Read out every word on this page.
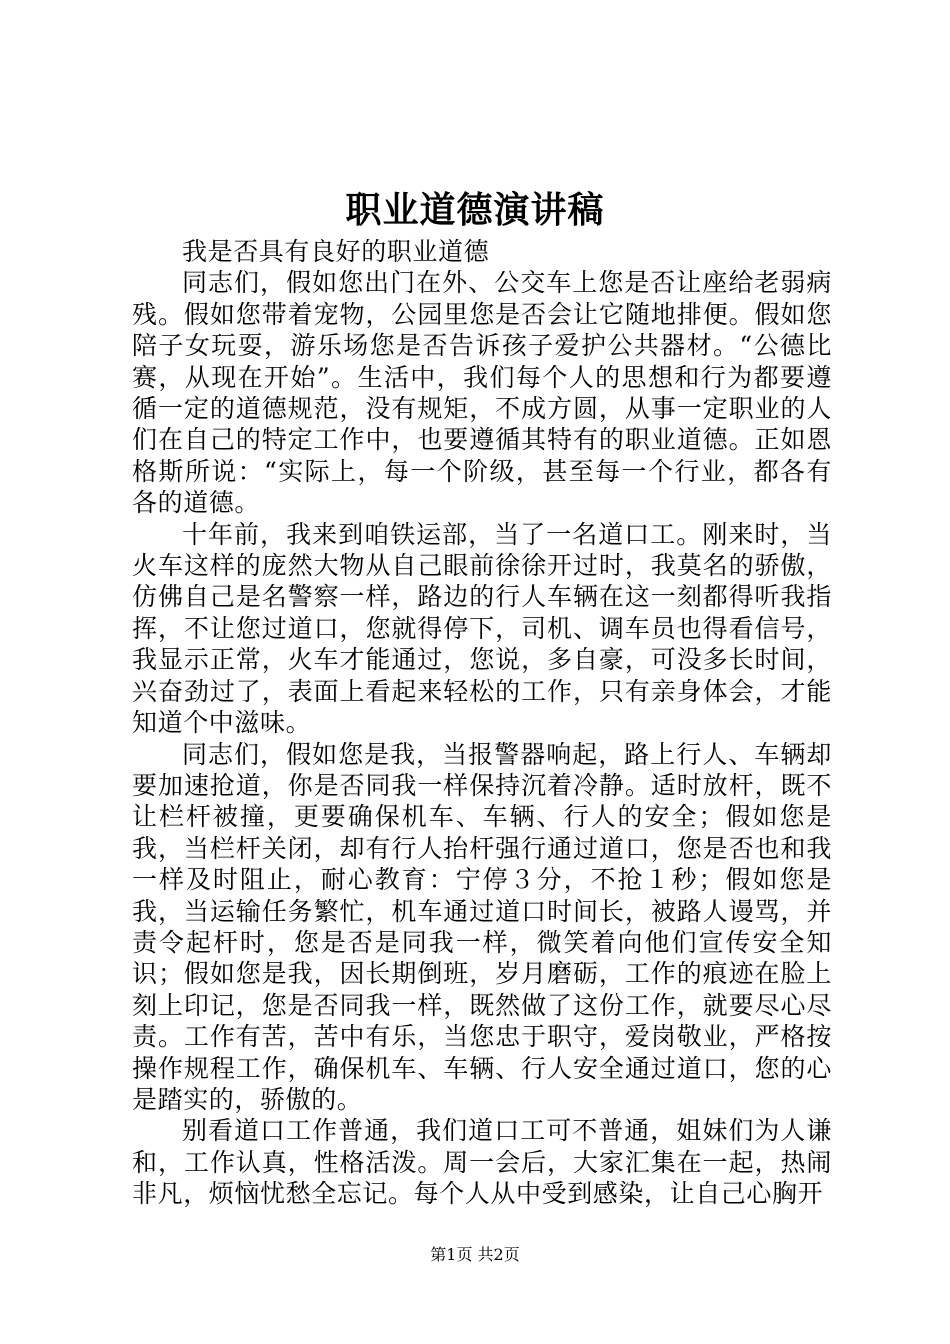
职业道德演讲稿

我是否具有良好的职业道德

同志们，假如您出门在外、公交车上您是否让座给老弱病残。假如您带着宠物，公园里您是否会让它随地排便。假如您陪子女玩耍，游乐场您是否告诉孩子爱护公共器材。“公德比赛，从现在开始”。生活中，我们每个人的思想和行为都要遵循一定的道德规范，没有规矩，不成方圆，从事一定职业的人们在自己的特定工作中，也要遵循其特有的职业道德。正如恩格斯所说：“实际上，每一个阶级，甚至每一个行业，都各有各的道德。

十年前，我来到咱铁运部，当了一名道口工。刚来时，当火车这样的庞然大物从自己眼前徐徐开过时，我莫名的骄傲，仿佛自己是名警察一样，路边的行人车辆在这一刻都得听我指挥，不让您过道口，您就得停下，司机、调车员也得看信号，我显示正常，火车才能通过，您说，多自豪，可没多长时间，兴奋劲过了，表面上看起来轻松的工作，只有亲身体会，才能知道个中滋味。

同志们，假如您是我，当报警器响起，路上行人、车辆却要加速抢道，你是否同我一样保持沉着冷静。适时放杆，既不让栏杆被撞，更要确保机车、车辆、行人的安全；假如您是我，当栏杆关闭，却有行人抬杆强行通过道口，您是否也和我一样及时阻止，耐心教育：宁停３分，不抢１秒；假如您是我，当运输任务繁忙，机车通过道口时间长，被路人谩骂，并责令起杆时，您是否是同我一样，微笑着向他们宣传安全知识；假如您是我，因长期倒班，岁月磨砺，工作的痕迹在脸上刻上印记，您是否同我一样，既然做了这份工作，就要尽心尽责。工作有苦，苦中有乐，当您忠于职守，爱岗敬业，严格按操作规程工作，确保机车、车辆、行人安全通过道口，您的心是踏实的，骄傲的。

别看道口工作普通，我们道口工可不普通，姐妹们为人谦和，工作认真，性格活泼。周一会后，大家汇集在一起，热闹非凡，烦恼忧愁全忘记。每个人从中受到感染，让自己心胸开

第1页 共2页
